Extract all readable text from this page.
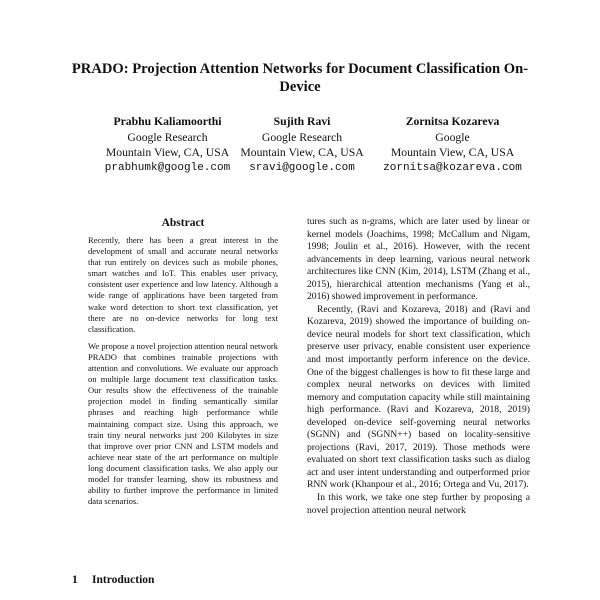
PRADO: Projection Attention Networks for Document Classification On-Device
Prabhu Kaliamoorthi
Google Research
Mountain View, CA, USA
prabhumk@google.com
Sujith Ravi
Google Research
Mountain View, CA, USA
sravi@google.com
Zornitsa Kozareva
Google
Mountain View, CA, USA
zornitsa@kozareva.com
Abstract

Recently, there has been a great interest in the development of small and accurate neural networks that run entirely on devices such as mobile phones, smart watches and IoT. This enables user privacy, consistent user experience and low latency. Although a wide range of applications have been targeted from wake word detection to short text classification, yet there are no on-device networks for long text classification.

We propose a novel projection attention neural network PRADO that combines trainable projections with attention and convolutions. We evaluate our approach on multiple large document text classification tasks. Our results show the effectiveness of the trainable projection model in finding semantically similar phrases and reaching high performance while maintaining compact size. Using this approach, we train tiny neural networks just 200 Kilobytes in size that improve over prior CNN and LSTM models and achieve near state of the art performance on multiple long document classification tasks. We also apply our model for transfer learning, show its robustness and ability to further improve the performance in limited data scenarios.

1 Introduction

tures such as n-grams, which are later used by linear or kernel models (Joachims, 1998; McCallum and Nigam, 1998; Joulin et al., 2016). However, with the recent advancements in deep learning, various neural network architectures like CNN (Kim, 2014), LSTM (Zhang et al., 2015), hierarchical attention mechanisms (Yang et al., 2016) showed improvement in performance.

Recently, (Ravi and Kozareva, 2018) and (Ravi and Kozareva, 2019) showed the importance of building on-device neural models for short text classification, which preserve user privacy, enable consistent user experience and most importantly perform inference on the device. One of the biggest challenges is how to fit these large and complex neural networks on devices with limited memory and computation capacity while still maintaining high performance. (Ravi and Kozareva, 2018, 2019) developed on-device self-governing neural networks (SGNN) and (SGNN++) based on locality-sensitive projections (Ravi, 2017, 2019). Those methods were evaluated on short text classification tasks such as dialog act and user intent understanding and outperformed prior RNN work (Khanpour et al., 2016; Ortega and Vu, 2017).

In this work, we take one step further by proposing a novel projection attention neural network
